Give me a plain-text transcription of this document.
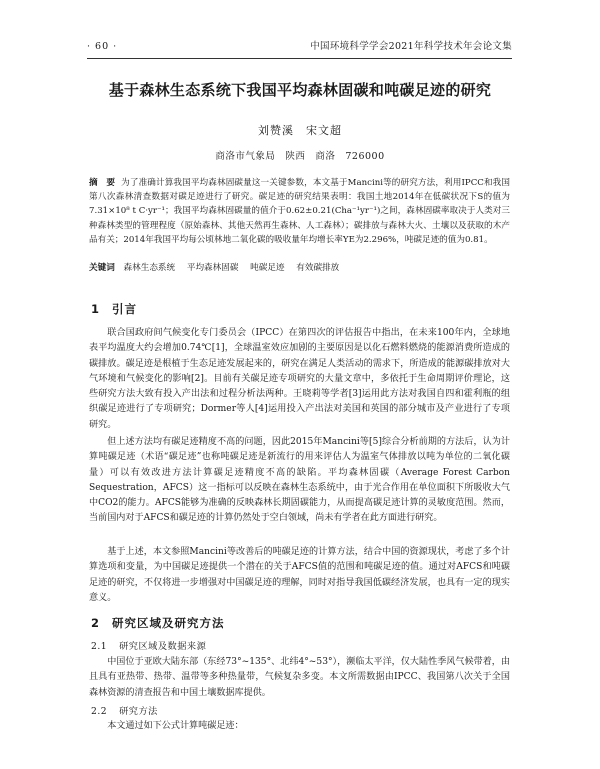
· 60 ·	中国环境科学学会2021年科学技术年会论文集
基于森林生态系统下我国平均森林固碳和吨碳足迹的研究
刘赞溪　宋文超
商洛市气象局　陕西　商洛　726000
摘　要 为了准确计算我国平均森林固碳量这一关键参数，本文基于Mancini等的研究方法，利用IPCC和我国第八次森林清查数据对碳足迹进行了研究。碳足迹的研究结果表明：我国土地2014年在低碳状况下S的值为7.31×10⁸ t C·yr⁻¹；我国平均森林固碳量的值介于0.62±0.21(Cha⁻¹yr⁻¹)之间，森林固碳率取决于人类对三种森林类型的管理程度（原始森林、其他天然再生森林、人工森林）；碳排放与森林大火、土壤以及获取的木产品有关；2014年我国平均每公顷林地二氧化碳的吸收量年均增长率YE为2.296%，吨碳足迹的值为0.81。
关键词 森林生态系统 平均森林固碳 吨碳足迹 有效碳排放
1 引言
联合国政府间气候变化专门委员会（IPCC）在第四次的评估报告中指出，在未来100年内，全球地表平均温度大约会增加0.74℃[1]，全球温室效应加剧的主要原因是以化石燃料燃烧的能源消费所造成的碳排放。碳足迹是根植于生态足迹发展起来的，研究在满足人类活动的需求下，所造成的能源碳排放对大气环境和气候变化的影响[2]。目前有关碳足迹专项研究的大量文章中，多依托于生命周期评价理论，这些研究方法大致有投入产出法和过程分析法两种。王晓莉等学者[3]运用此方法对我国自四和霍利瓶的组织碳足迹进行了专项研究；Dormer等人[4]运用投入产出法对美国和英国的部分城市及产业进行了专项研究。
但上述方法均有碳足迹精度不高的问题，因此2015年Mancini等[5]综合分析前期的方法后，认为计算吨碳足迹（术语“碳足迹”也称吨碳足迹是新流行的用来评估人为温室气体排放以吨为单位的二氧化碳量）可以有效改进方法计算碳足迹精度不高的缺陷。平均森林固碳（Average Forest Carbon Sequestration，AFCS）这一指标可以反映在森林生态系统中，由于光合作用在单位面积下所吸收大气中CO2的能力。AFCS能够为准确的反映森林长期固碳能力，从而提高碳足迹计算的灵敏度范围。然而，当前国内对于AFCS和碳足迹的计算仍然处于空白领域，尚未有学者在此方面进行研究。
基于上述，本文参照Mancini等改善后的吨碳足迹的计算方法，结合中国的资源现状，考虑了多个计算选项和变量，为中国碳足迹提供一个潜在的关于AFCS值的范围和吨碳足迹的值。通过对AFCS和吨碳足迹的研究，不仅将进一步增强对中国碳足迹的理解，同时对指导我国低碳经济发展，也具有一定的现实意义。
2 研究区域及研究方法
2.1 研究区域及数据来源
中国位于亚欧大陆东部（东经73°~135°、北纬4°~53°），濒临太平洋，仅大陆性季风气候带着，由且具有亚热带、热带、温带等多种热量带，气候复杂多变。本文所需数据由IPCC、我国第八次关于全国森林资源的清查报告和中国土壤数据库提供。
2.2 研究方法
本文通过如下公式计算吨碳足迹：
